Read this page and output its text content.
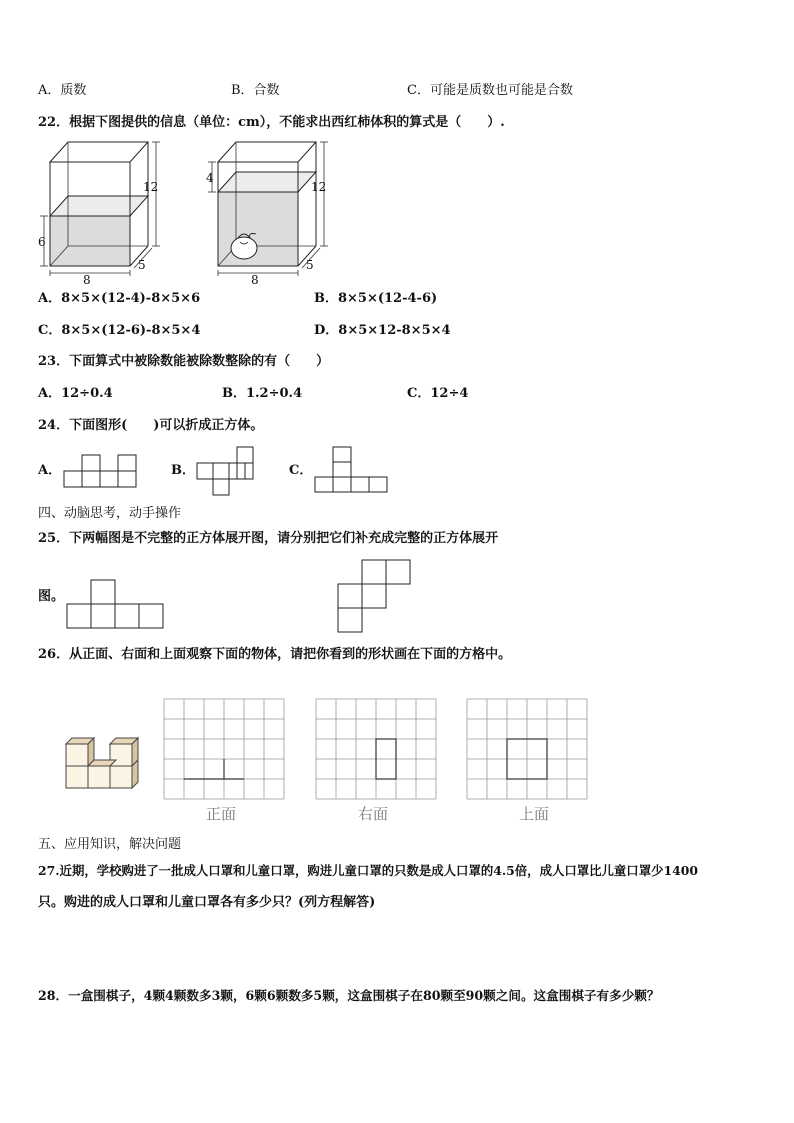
A．质数	B．合数	C．可能是质数也可能是合数
22．根据下图提供的信息（单位：cm），不能求出西红柿体积的算式是（　　）.
12
6
8
5
12
4
8
5
A．8×5×(12-4)-8×5×6	B．8×5×(12-4-6)
C．8×5×(12-6)-8×5×4	D．8×5×12-8×5×4
23．下面算式中被除数能被除数整除的有（　　）
A．12÷0.4	B．1.2÷0.4	C．12÷4
24．下面图形(　　)可以折成正方体。
A．	B．	C．
四、动脑思考，动手操作
25．下两幅图是不完整的正方体展开图，请分别把它们补充成完整的正方体展开
图。
26．从正面、右面和上面观察下面的物体，请把你看到的形状画在下面的方格中。
正面	右面	上面
五、应用知识，解决问题
27.近期，学校购进了一批成人口罩和儿童口罩，购进儿童口罩的只数是成人口罩的4.5倍，成人口罩比儿童口罩少1400
只。购进的成人口罩和儿童口罩各有多少只？(列方程解答)
28．一盒围棋子，4颗4颗数多3颗，6颗6颗数多5颗，这盒围棋子在80颗至90颗之间。这盒围棋子有多少颗？
